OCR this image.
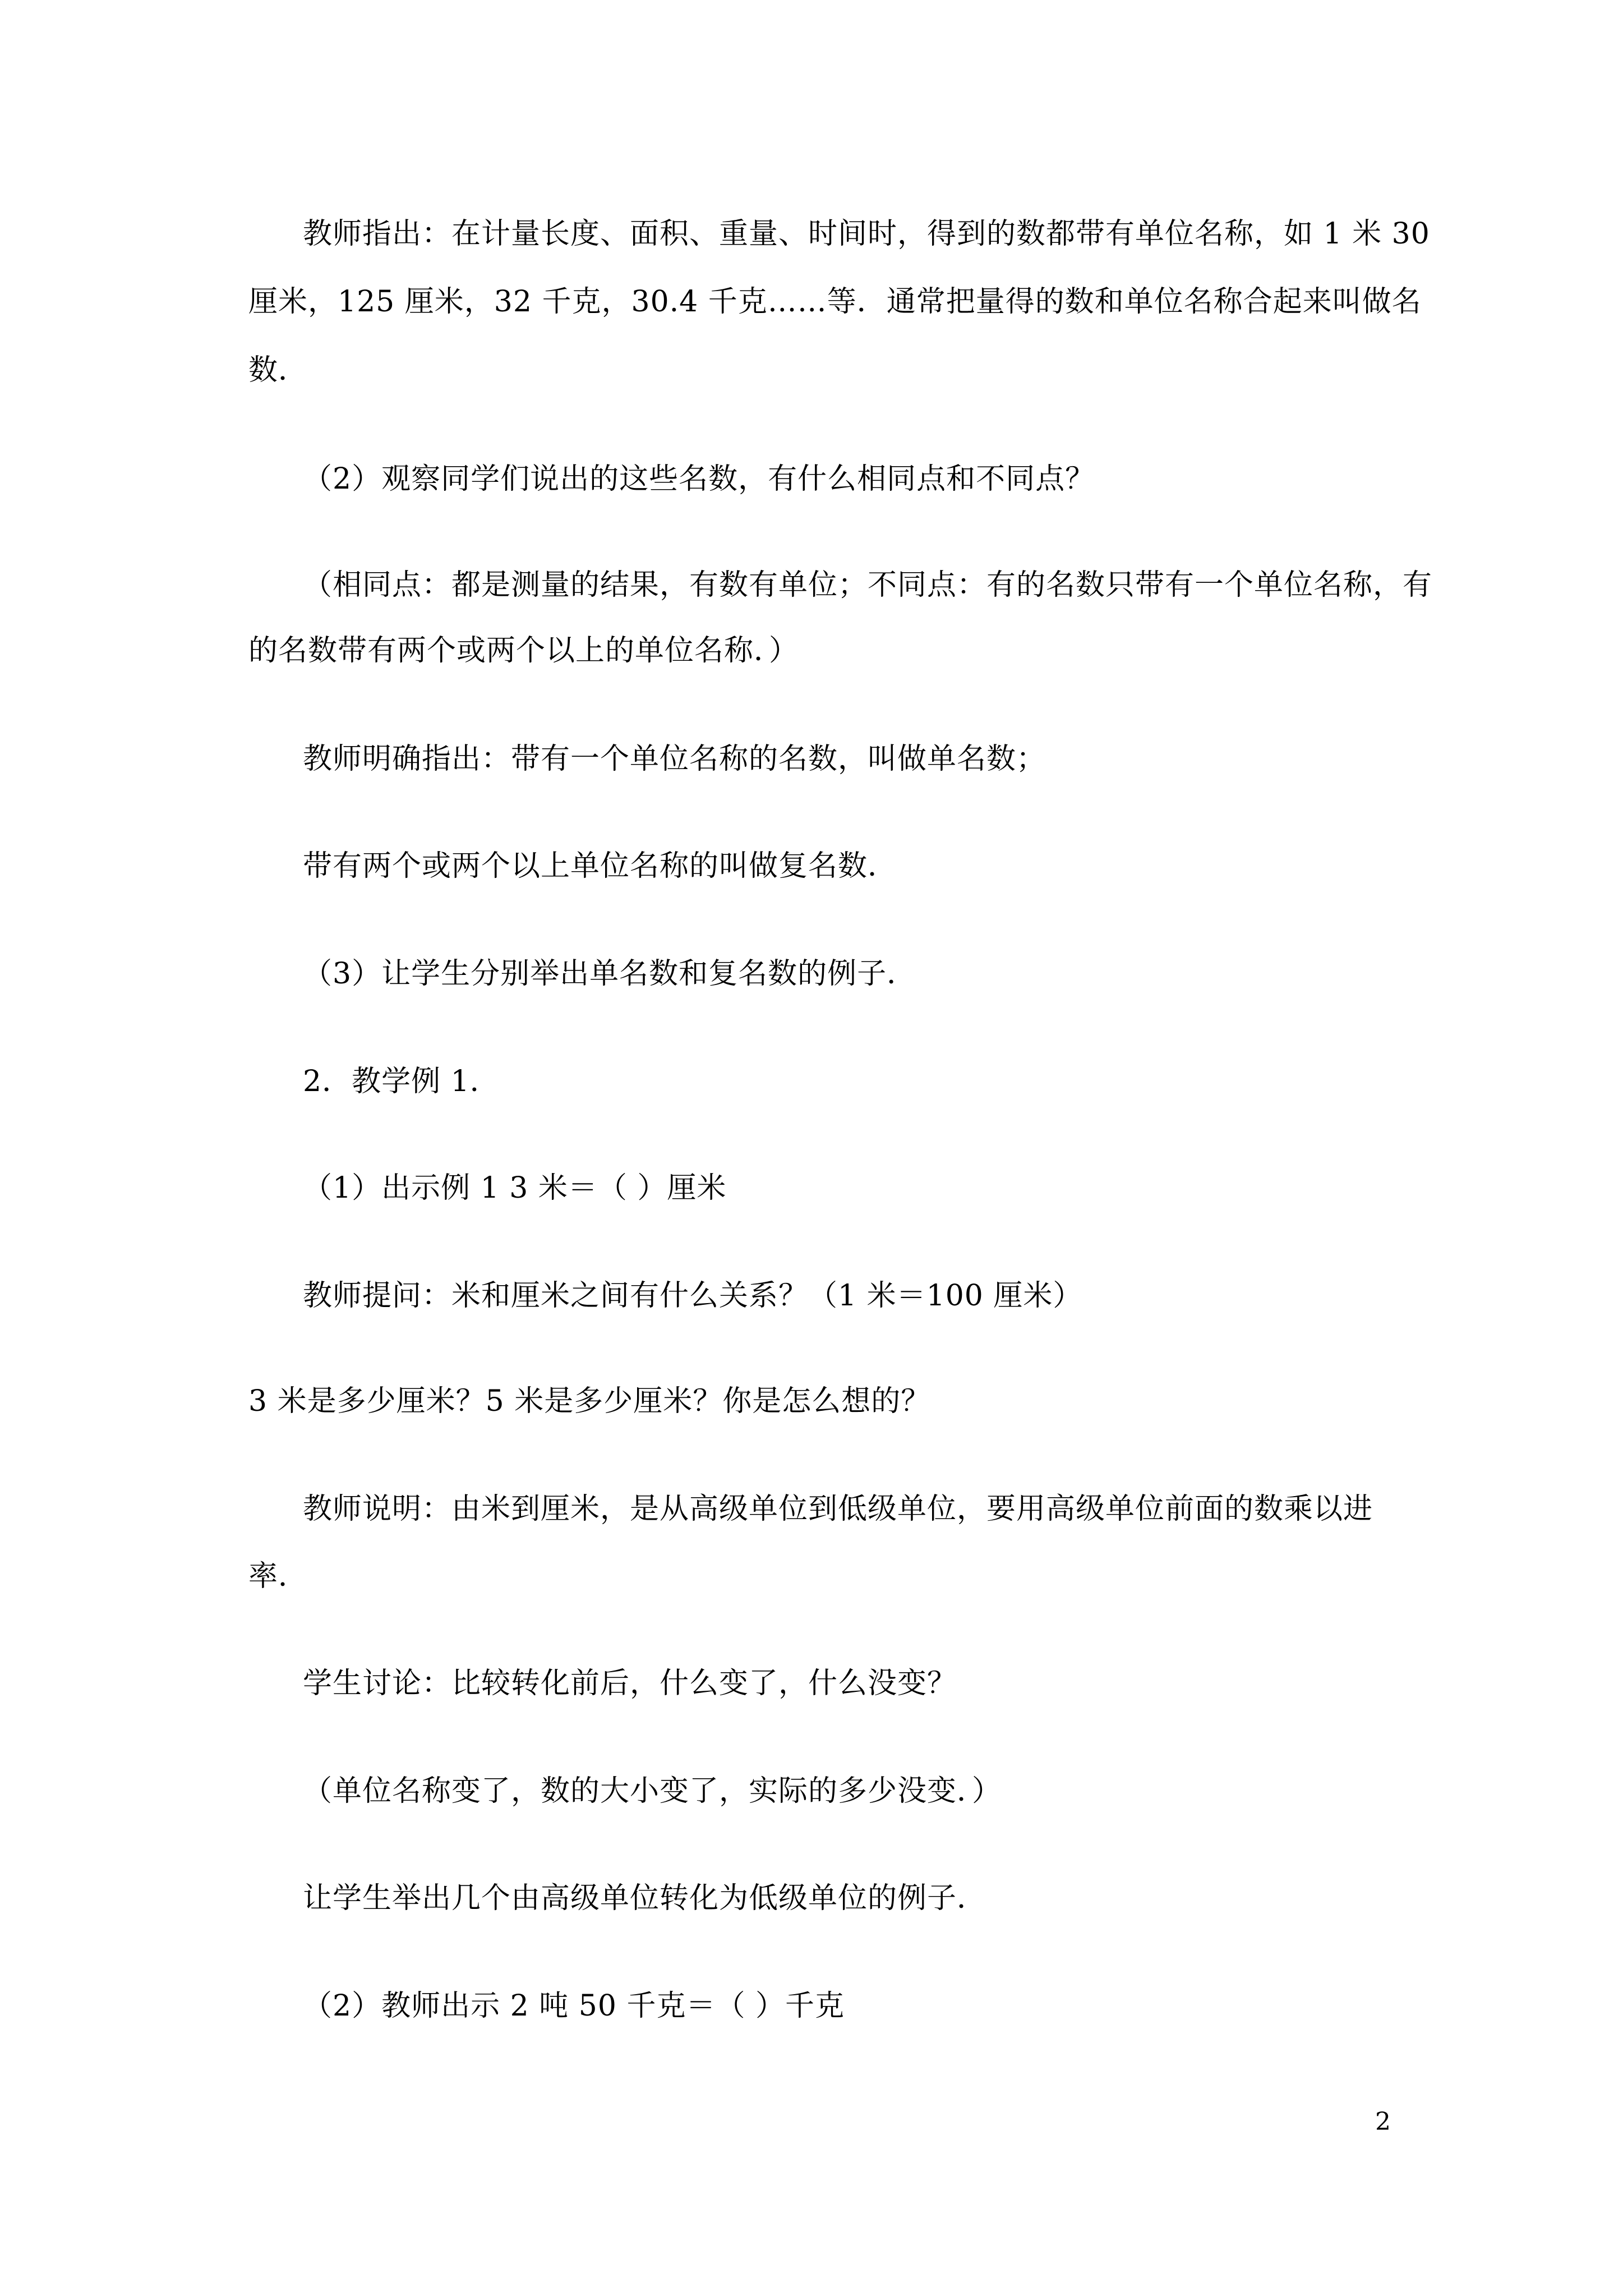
教师指出：在计量长度、面积、重量、时间时，得到的数都带有单位名称，如 1 米 30
厘米，125 厘米，32 千克，30.4 千克……等．通常把量得的数和单位名称合起来叫做名
数．
（2）观察同学们说出的这些名数，有什么相同点和不同点？
（相同点：都是测量的结果，有数有单位；不同点：有的名数只带有一个单位名称，有
的名数带有两个或两个以上的单位名称．）
教师明确指出：带有一个单位名称的名数，叫做单名数；
带有两个或两个以上单位名称的叫做复名数．
（3）让学生分别举出单名数和复名数的例子．
2．教学例 1．
（1）出示例 1 3 米＝（ ）厘米
教师提问：米和厘米之间有什么关系？（1 米＝100 厘米）
3 米是多少厘米？5 米是多少厘米？你是怎么想的？
教师说明：由米到厘米，是从高级单位到低级单位，要用高级单位前面的数乘以进
率．
学生讨论：比较转化前后，什么变了，什么没变？
（单位名称变了，数的大小变了，实际的多少没变．）
让学生举出几个由高级单位转化为低级单位的例子．
（2）教师出示 2 吨 50 千克＝（ ）千克
2
